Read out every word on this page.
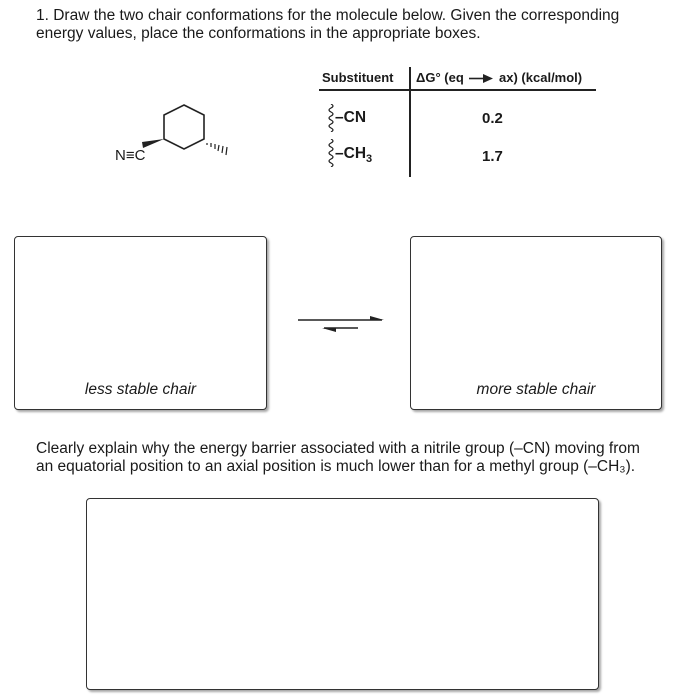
1. Draw the two chair conformations for the molecule below. Given the corresponding
energy values, place the conformations in the appropriate boxes.
N≡C
Substituent ΔG° (eq	ax) (kcal/mol)
–CN	0.2
$-CH_3$	1.7
less stable chair	more stable chair
Clearly explain why the energy barrier associated with a nitrile group (–CN) moving from
an equatorial position to an axial position is much lower than for a methyl group (–CH₃).
